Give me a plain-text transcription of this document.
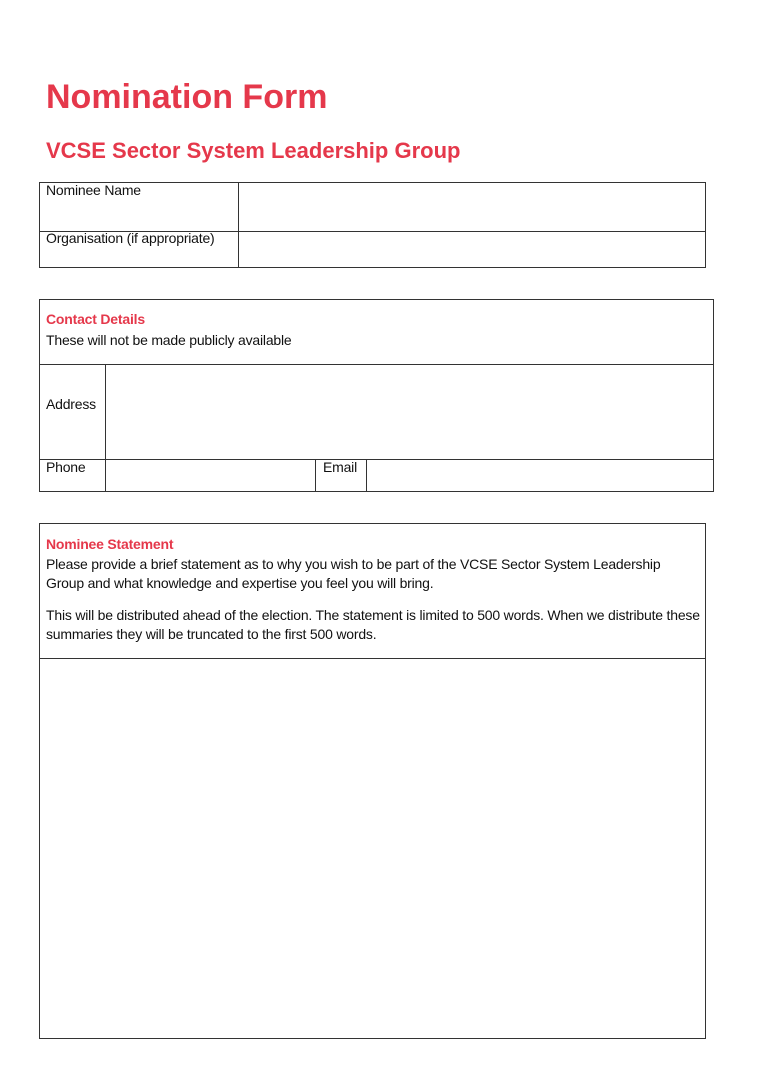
Nomination Form
VCSE Sector System Leadership Group
Nominee Name
Organisation (if appropriate)
Contact Details
These will not be made publicly available
Address
Phone	Email
Nominee Statement
Please provide a brief statement as to why you wish to be part of the VCSE Sector System Leadership Group and what knowledge and expertise you feel you will bring.
This will be distributed ahead of the election. The statement is limited to 500 words. When we distribute these summaries they will be truncated to the first 500 words.
